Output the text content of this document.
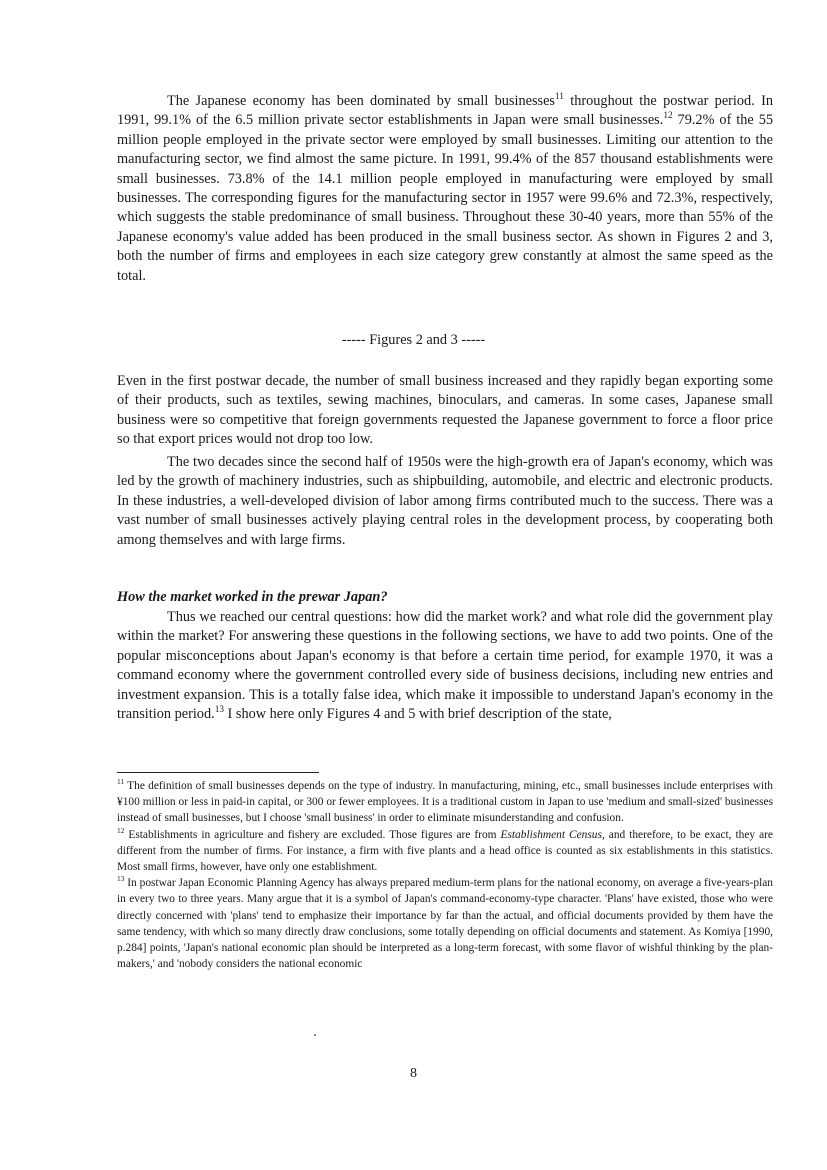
The Japanese economy has been dominated by small businesses$^{11}$ throughout the postwar period. In 1991, 99.1% of the 6.5 million private sector establishments in Japan were small businesses.$^{12}$ 79.2% of the 55 million people employed in the private sector were employed by small businesses. Limiting our attention to the manufacturing sector, we find almost the same picture. In 1991, 99.4% of the 857 thousand establishments were small businesses. 73.8% of the 14.1 million people employed in manufacturing were employed by small businesses. The corresponding figures for the manufacturing sector in 1957 were 99.6% and 72.3%, respectively, which suggests the stable predominance of small business. Throughout these 30-40 years, more than 55% of the Japanese economy's value added has been produced in the small business sector. As shown in Figures 2 and 3, both the number of firms and employees in each size category grew constantly at almost the same speed as the total.

----- Figures 2 and 3 -----

Even in the first postwar decade, the number of small business increased and they rapidly began exporting some of their products, such as textiles, sewing machines, binoculars, and cameras. In some cases, Japanese small business were so competitive that foreign governments requested the Japanese government to force a floor price so that export prices would not drop too low.

The two decades since the second half of 1950s were the high-growth era of Japan's economy, which was led by the growth of machinery industries, such as shipbuilding, automobile, and electric and electronic products. In these industries, a well-developed division of labor among firms contributed much to the success. There was a vast number of small businesses actively playing central roles in the development process, by cooperating both among themselves and with large firms.

How the market worked in the prewar Japan?

Thus we reached our central questions: how did the market work? and what role did the government play within the market? For answering these questions in the following sections, we have to add two points. One of the popular misconceptions about Japan's economy is that before a certain time period, for example 1970, it was a command economy where the government controlled every side of business decisions, including new entries and investment expansion. This is a totally false idea, which make it impossible to understand Japan's economy in the transition period.$^{13}$ I show here only Figures 4 and 5 with brief description of the state,

$^{11}$ The definition of small businesses depends on the type of industry. In manufacturing, mining, etc., small businesses include enterprises with ¥100 million or less in paid-in capital, or 300 or fewer employees. It is a traditional custom in Japan to use 'medium and small-sized' businesses instead of small businesses, but I choose 'small business' in order to eliminate misunderstanding and confusion.

$^{12}$ Establishments in agriculture and fishery are excluded. Those figures are from Establishment Census, and therefore, to be exact, they are different from the number of firms. For instance, a firm with five plants and a head office is counted as six establishments in this statistics. Most small firms, however, have only one establishment.

$^{13}$ In postwar Japan Economic Planning Agency has always prepared medium-term plans for the national economy, on average a five-years-plan in every two to three years. Many argue that it is a symbol of Japan's command-economy-type character. 'Plans' have existed, those who were directly concerned with 'plans' tend to emphasize their importance by far than the actual, and official documents provided by them have the same tendency, with which so many directly draw conclusions, some totally depending on official documents and statement. As Komiya [1990, p.284] points, 'Japan's national economic plan should be interpreted as a long-term forecast, with some flavor of wishful thinking by the plan-makers,' and 'nobody considers the national economic

8
